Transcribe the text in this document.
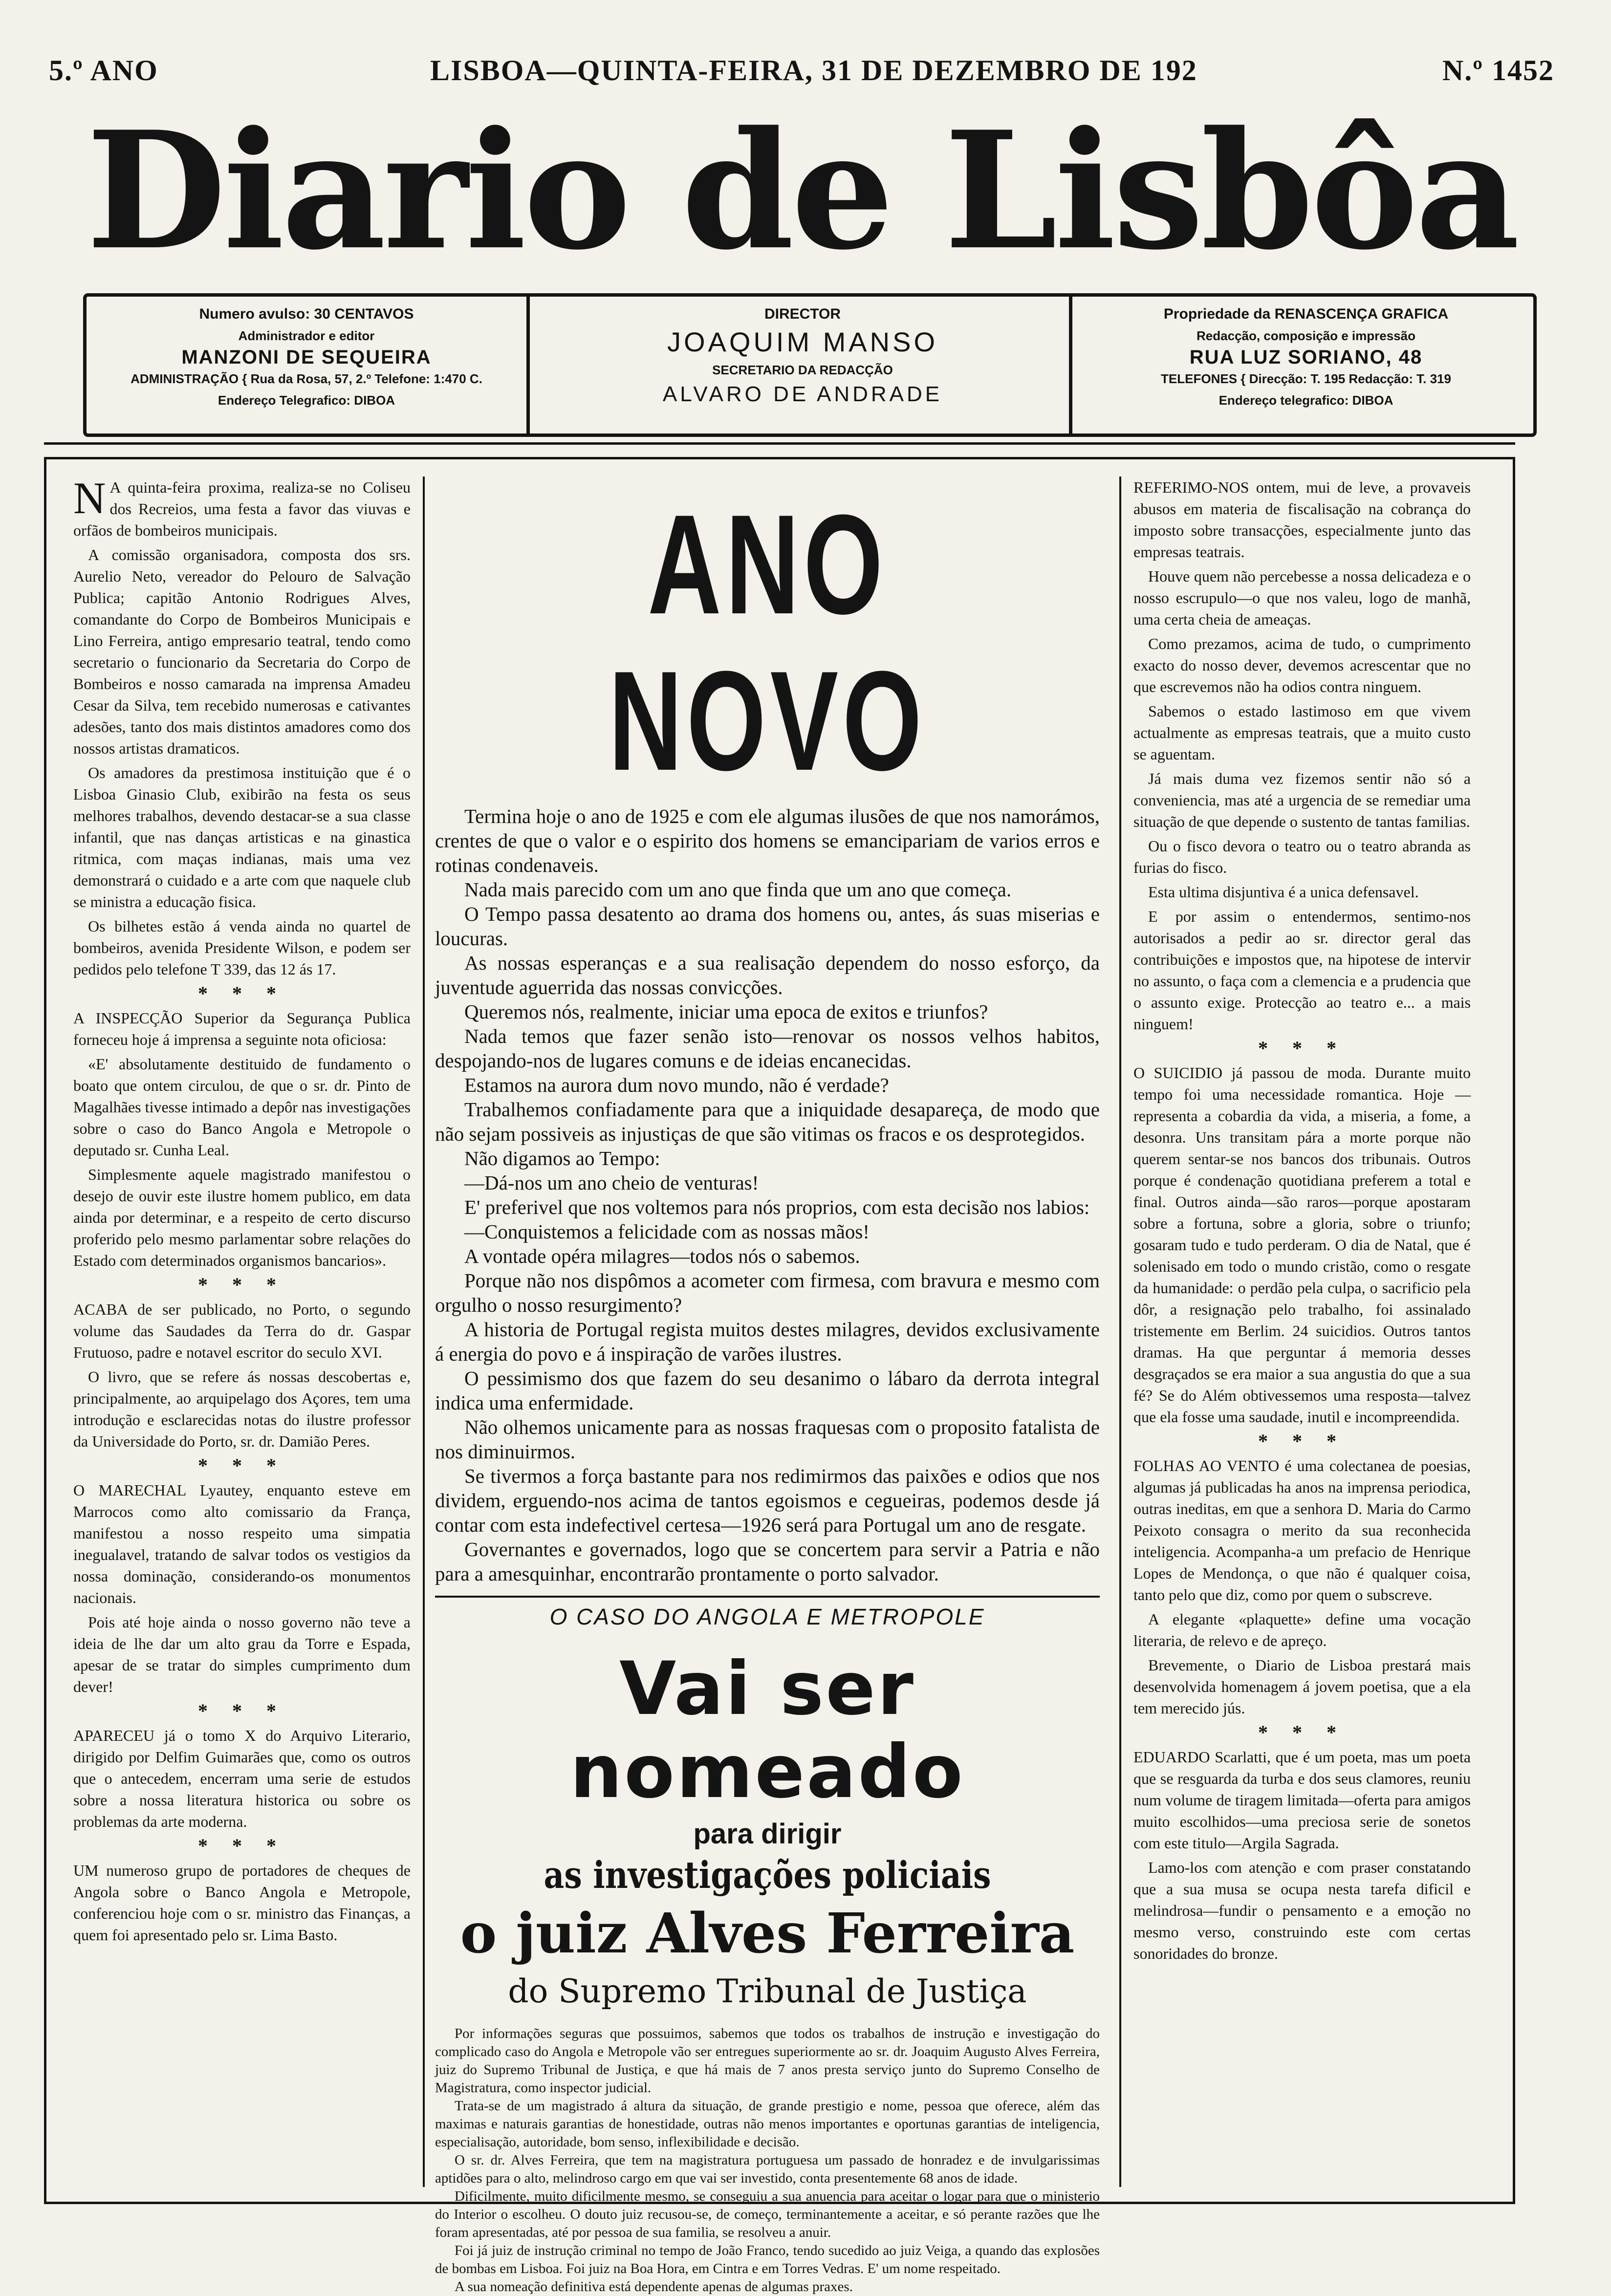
5.º ANO	LISBOA—QUINTA-FEIRA, 31 DE DEZEMBRO DE 192	N.º 1452
Diario de Lisbôa
Numero avulso: 30 CENTAVOS
Administrador e editor
MANZONI DE SEQUEIRA
ADMINISTRAÇÃO { Rua da Rosa, 57, 2.º Telefone: 1:470 C.
Endereço Telegrafico: DIBOA
DIRECTOR
JOAQUIM MANSO
SECRETARIO DA REDACÇÃO
ALVARO DE ANDRADE
Propriedade da RENASCENÇA GRAFICA
Redacção, composição e impressão
RUA LUZ SORIANO, 48
TELEFONES { Direcção: T. 195 Redacção: T. 319
Endereço telegrafico: DIBOA

N A quinta-feira proxima, realiza-se no Coliseu dos Recreios, uma festa a favor das viuvas e orfãos de bombeiros municipais.

A comissão organisadora, composta dos srs. Aurelio Neto, vereador do Pelouro de Salvação Publica; capitão Antonio Rodrigues Alves, comandante do Corpo de Bombeiros Municipais e Lino Ferreira, antigo empresario teatral, tendo como secretario o funcionario da Secretaria do Corpo de Bombeiros e nosso camarada na imprensa Amadeu Cesar da Silva, tem recebido numerosas e cativantes adesões, tanto dos mais distintos amadores como dos nossos artistas dramaticos.

Os amadores da prestimosa instituição que é o Lisboa Ginasio Club, exibirão na festa os seus melhores trabalhos, devendo destacar-se a sua classe infantil, que nas danças artisticas e na ginastica ritmica, com maças indianas, mais uma vez demonstrará o cuidado e a arte com que naquele club se ministra a educação fisica.

Os bilhetes estão á venda ainda no quartel de bombeiros, avenida Presidente Wilson, e podem ser pedidos pelo telefone T 339, das 12 ás 17.

* * *

A INSPECÇÃO Superior da Segurança Publica forneceu hoje á imprensa a seguinte nota oficiosa:

«E' absolutamente destituido de fundamento o boato que ontem circulou, de que o sr. dr. Pinto de Magalhães tivesse intimado a depôr nas investigações sobre o caso do Banco Angola e Metropole o deputado sr. Cunha Leal.

Simplesmente aquele magistrado manifestou o desejo de ouvir este ilustre homem publico, em data ainda por determinar, e a respeito de certo discurso proferido pelo mesmo parlamentar sobre relações do Estado com determinados organismos bancarios».

* * *

ACABA de ser publicado, no Porto, o segundo volume das Saudades da Terra do dr. Gaspar Frutuoso, padre e notavel escritor do seculo XVI.

O livro, que se refere ás nossas descobertas e, principalmente, ao arquipelago dos Açores, tem uma introdução e esclarecidas notas do ilustre professor da Universidade do Porto, sr. dr. Damião Peres.

* * *

O MARECHAL Lyautey, enquanto esteve em Marrocos como alto comissario da França, manifestou a nosso respeito uma simpatia inegualavel, tratando de salvar todos os vestigios da nossa dominação, considerando-os monumentos nacionais.

Pois até hoje ainda o nosso governo não teve a ideia de lhe dar um alto grau da Torre e Espada, apesar de se tratar do simples cumprimento dum dever!

* * *

APARECEU já o tomo X do Arquivo Literario, dirigido por Delfim Guimarães que, como os outros que o antecedem, encerram uma serie de estudos sobre a nossa literatura historica ou sobre os problemas da arte moderna.

* * *

UM numeroso grupo de portadores de cheques de Angola sobre o Banco Angola e Metropole, conferenciou hoje com o sr. ministro das Finanças, a quem foi apresentado pelo sr. Lima Basto.

ANO NOVO

Termina hoje o ano de 1925 e com ele algumas ilusões de que nos namorámos, crentes de que o valor e o espirito dos homens se emancipariam de varios erros e rotinas condenaveis.

Nada mais parecido com um ano que finda que um ano que começa.

O Tempo passa desatento ao drama dos homens ou, antes, ás suas miserias e loucuras.

As nossas esperanças e a sua realisação dependem do nosso esforço, da juventude aguerrida das nossas convicções.

Queremos nós, realmente, iniciar uma epoca de exitos e triunfos?

Nada temos que fazer senão isto—renovar os nossos velhos habitos, despojando-nos de lugares comuns e de ideias encanecidas.

Estamos na aurora dum novo mundo, não é verdade?

Trabalhemos confiadamente para que a iniquidade desapareça, de modo que não sejam possiveis as injustiças de que são vitimas os fracos e os desprotegidos.

Não digamos ao Tempo:

—Dá-nos um ano cheio de venturas!

E' preferivel que nos voltemos para nós proprios, com esta decisão nos labios:

—Conquistemos a felicidade com as nossas mãos!

A vontade opéra milagres—todos nós o sabemos.

Porque não nos dispômos a acometer com firmesa, com bravura e mesmo com orgulho o nosso resurgimento?

A historia de Portugal regista muitos destes milagres, devidos exclusivamente á energia do povo e á inspiração de varões ilustres.

O pessimismo dos que fazem do seu desanimo o lábaro da derrota integral indica uma enfermidade.

Não olhemos unicamente para as nossas fraquesas com o proposito fatalista de nos diminuirmos.

Se tivermos a força bastante para nos redimirmos das paixões e odios que nos dividem, erguendo-nos acima de tantos egoismos e cegueiras, podemos desde já contar com esta indefectivel certesa—1926 será para Portugal um ano de resgate.

Governantes e governados, logo que se concertem para servir a Patria e não para a amesquinhar, encontrarão prontamente o porto salvador.

O CASO DO ANGOLA E METROPOLE
Vai ser nomeado
para dirigir
as investigações policiais
o juiz Alves Ferreira
do Supremo Tribunal de Justiça

Por informações seguras que possuimos, sabemos que todos os trabalhos de instrução e investigação do complicado caso do Angola e Metropole vão ser entregues superiormente ao sr. dr. Joaquim Augusto Alves Ferreira, juiz do Supremo Tribunal de Justiça, e que há mais de 7 anos presta serviço junto do Supremo Conselho de Magistratura, como inspector judicial.

Trata-se de um magistrado á altura da situação, de grande prestigio e nome, pessoa que oferece, além das maximas e naturais garantias de honestidade, outras não menos importantes e oportunas garantias de inteligencia, especialisação, autoridade, bom senso, inflexibilidade e decisão.

O sr. dr. Alves Ferreira, que tem na magistratura portuguesa um passado de honradez e de invulgarissimas aptidões para o alto, melindroso cargo em que vai ser investido, conta presentemente 68 anos de idade.

Dificilmente, muito dificilmente mesmo, se conseguiu a sua anuencia para aceitar o logar para que o ministerio do Interior o escolheu. O douto juiz recusou-se, de começo, terminantemente a aceitar, e só perante razões que lhe foram apresentadas, até por pessoa de sua familia, se resolveu a anuir.

Foi já juiz de instrução criminal no tempo de João Franco, tendo sucedido ao juiz Veiga, a quando das explosões de bombas em Lisboa. Foi juiz na Boa Hora, em Cintra e em Torres Vedras. E' um nome respeitado.

A sua nomeação definitiva está dependente apenas de algumas praxes.

REFERIMO-NOS ontem, mui de leve, a provaveis abusos em materia de fiscalisação na cobrança do imposto sobre transacções, especialmente junto das empresas teatrais.

Houve quem não percebesse a nossa delicadeza e o nosso escrupulo—o que nos valeu, logo de manhã, uma certa cheia de ameaças.

Como prezamos, acima de tudo, o cumprimento exacto do nosso dever, devemos acrescentar que no que escrevemos não ha odios contra ninguem.

Sabemos o estado lastimoso em que vivem actualmente as empresas teatrais, que a muito custo se aguentam.

Já mais duma vez fizemos sentir não só a conveniencia, mas até a urgencia de se remediar uma situação de que depende o sustento de tantas familias.

Ou o fisco devora o teatro ou o teatro abranda as furias do fisco.

Esta ultima disjuntiva é a unica defensavel.

E por assim o entendermos, sentimo-nos autorisados a pedir ao sr. director geral das contribuições e impostos que, na hipotese de intervir no assunto, o faça com a clemencia e a prudencia que o assunto exige. Protecção ao teatro e... a mais ninguem!

* * *

O SUICIDIO já passou de moda. Durante muito tempo foi uma necessidade romantica. Hoje — representa a cobardia da vida, a miseria, a fome, a desonra. Uns transitam pára a morte porque não querem sentar-se nos bancos dos tribunais. Outros porque é condenação quotidiana preferem a total e final. Outros ainda—são raros—porque apostaram sobre a fortuna, sobre a gloria, sobre o triunfo; gosaram tudo e tudo perderam. O dia de Natal, que é solenisado em todo o mundo cristão, como o resgate da humanidade: o perdão pela culpa, o sacrificio pela dôr, a resignação pelo trabalho, foi assinalado tristemente em Berlim. 24 suicidios. Outros tantos dramas. Ha que perguntar á memoria desses desgraçados se era maior a sua angustia do que a sua fé? Se do Além obtivessemos uma resposta—talvez que ela fosse uma saudade, inutil e incompreendida.

* * *

FOLHAS AO VENTO é uma colectanea de poesias, algumas já publicadas ha anos na imprensa periodica, outras ineditas, em que a senhora D. Maria do Carmo Peixoto consagra o merito da sua reconhecida inteligencia. Acompanha-a um prefacio de Henrique Lopes de Mendonça, o que não é qualquer coisa, tanto pelo que diz, como por quem o subscreve.

A elegante «plaquette» define uma vocação literaria, de relevo e de apreço.

Brevemente, o Diario de Lisboa prestará mais desenvolvida homenagem á jovem poetisa, que a ela tem merecido jús.

* * *

EDUARDO Scarlatti, que é um poeta, mas um poeta que se resguarda da turba e dos seus clamores, reuniu num volume de tiragem limitada—oferta para amigos muito escolhidos—uma preciosa serie de sonetos com este titulo—Argila Sagrada.

Lamo-los com atenção e com praser constatando que a sua musa se ocupa nesta tarefa dificil e melindrosa—fundir o pensamento e a emoção no mesmo verso, construindo este com certas sonoridades do bronze.
